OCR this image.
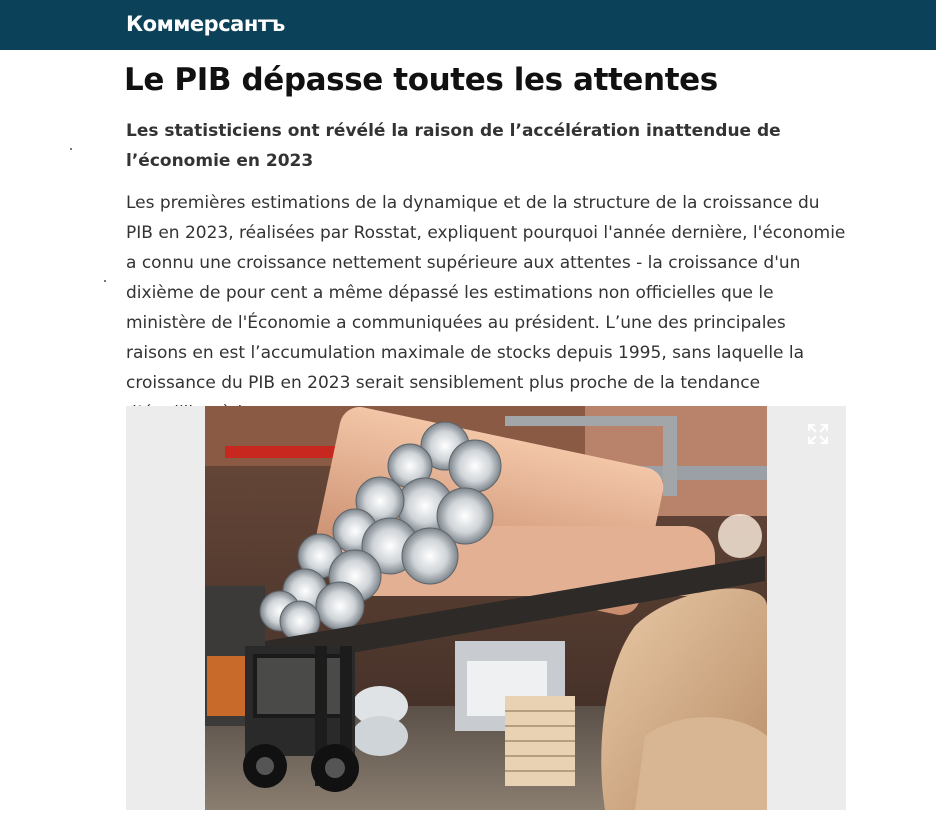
Коммерсантъ
Le PIB dépasse toutes les attentes

Les statisticiens ont révélé la raison de l’accélération inattendue de l’économie en 2023

Les premières estimations de la dynamique et de la structure de la croissance du PIB en 2023, réalisées par Rosstat, expliquent pourquoi l'année dernière, l'économie a connu une croissance nettement supérieure aux attentes - la croissance d'un dixième de pour cent a même dépassé les estimations non officielles que le ministère de l'Économie a communiquées au président. L’une des principales raisons en est l’accumulation maximale de stocks depuis 1995, sans laquelle la croissance du PIB en 2023 serait sensiblement plus proche de la tendance
